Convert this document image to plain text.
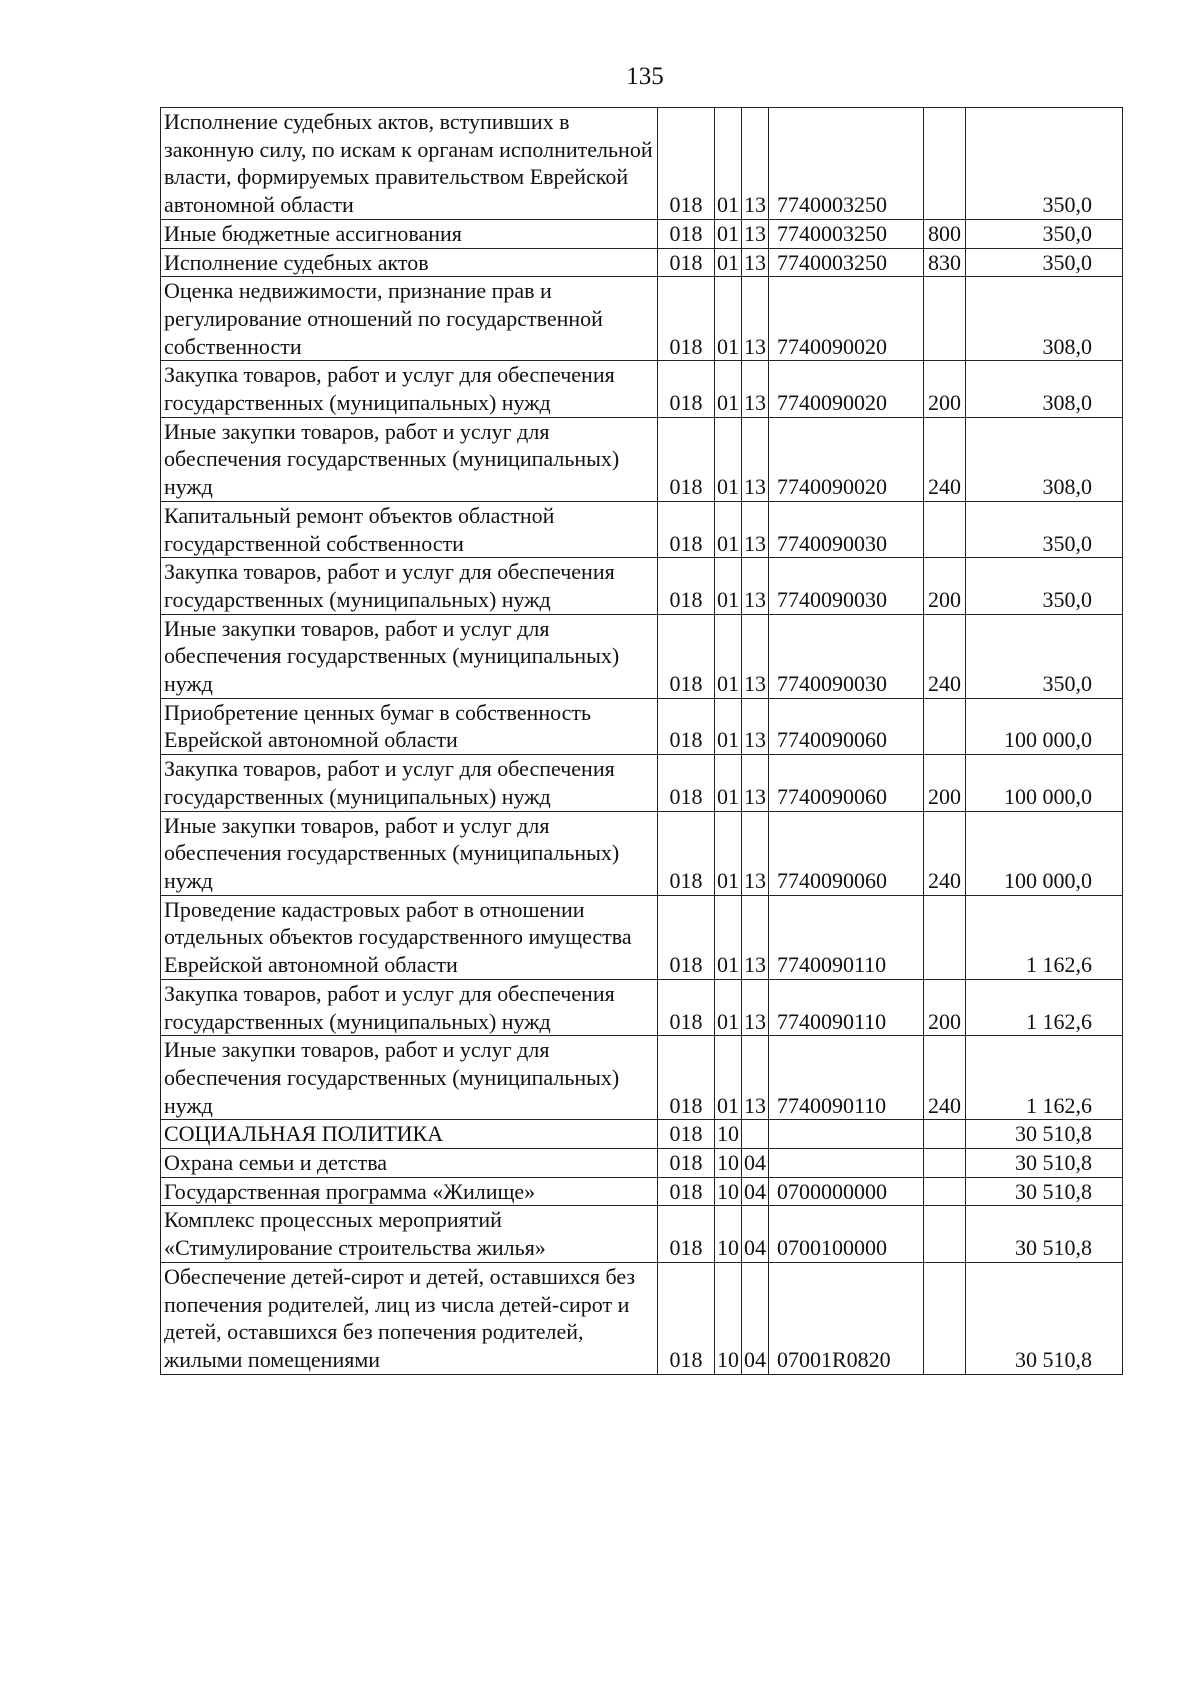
135
Исполнение судебных актов, вступивших в законную силу, по искам к органам исполнительной власти, формируемых правительством Еврейской автономной области	018	01	13	7740003250		350,0
Иные бюджетные ассигнования	018	01	13	7740003250	800	350,0
Исполнение судебных актов	018	01	13	7740003250	830	350,0
Оценка недвижимости, признание прав и регулирование отношений по государственной собственности	018	01	13	7740090020		308,0
Закупка товаров, работ и услуг для обеспечения государственных (муниципальных) нужд	018	01	13	7740090020	200	308,0
Иные закупки товаров, работ и услуг для обеспечения государственных (муниципальных) нужд	018	01	13	7740090020	240	308,0
Капитальный ремонт объектов областной государственной собственности	018	01	13	7740090030		350,0
Закупка товаров, работ и услуг для обеспечения государственных (муниципальных) нужд	018	01	13	7740090030	200	350,0
Иные закупки товаров, работ и услуг для обеспечения государственных (муниципальных) нужд	018	01	13	7740090030	240	350,0
Приобретение ценных бумаг в собственность Еврейской автономной области	018	01	13	7740090060		100 000,0
Закупка товаров, работ и услуг для обеспечения государственных (муниципальных) нужд	018	01	13	7740090060	200	100 000,0
Иные закупки товаров, работ и услуг для обеспечения государственных (муниципальных) нужд	018	01	13	7740090060	240	100 000,0
Проведение кадастровых работ в отношении отдельных объектов государственного имущества Еврейской автономной области	018	01	13	7740090110		1 162,6
Закупка товаров, работ и услуг для обеспечения государственных (муниципальных) нужд	018	01	13	7740090110	200	1 162,6
Иные закупки товаров, работ и услуг для обеспечения государственных (муниципальных) нужд	018	01	13	7740090110	240	1 162,6
СОЦИАЛЬНАЯ ПОЛИТИКА	018	10				30 510,8
Охрана семьи и детства	018	10	04			30 510,8
Государственная программа «Жилище»	018	10	04	0700000000		30 510,8
Комплекс процессных мероприятий «Стимулирование строительства жилья»	018	10	04	0700100000		30 510,8
Обеспечение детей-сирот и детей, оставшихся без попечения родителей, лиц из числа детей-сирот и детей, оставшихся без попечения родителей, жилыми помещениями	018	10	04	07001R0820		30 510,8
